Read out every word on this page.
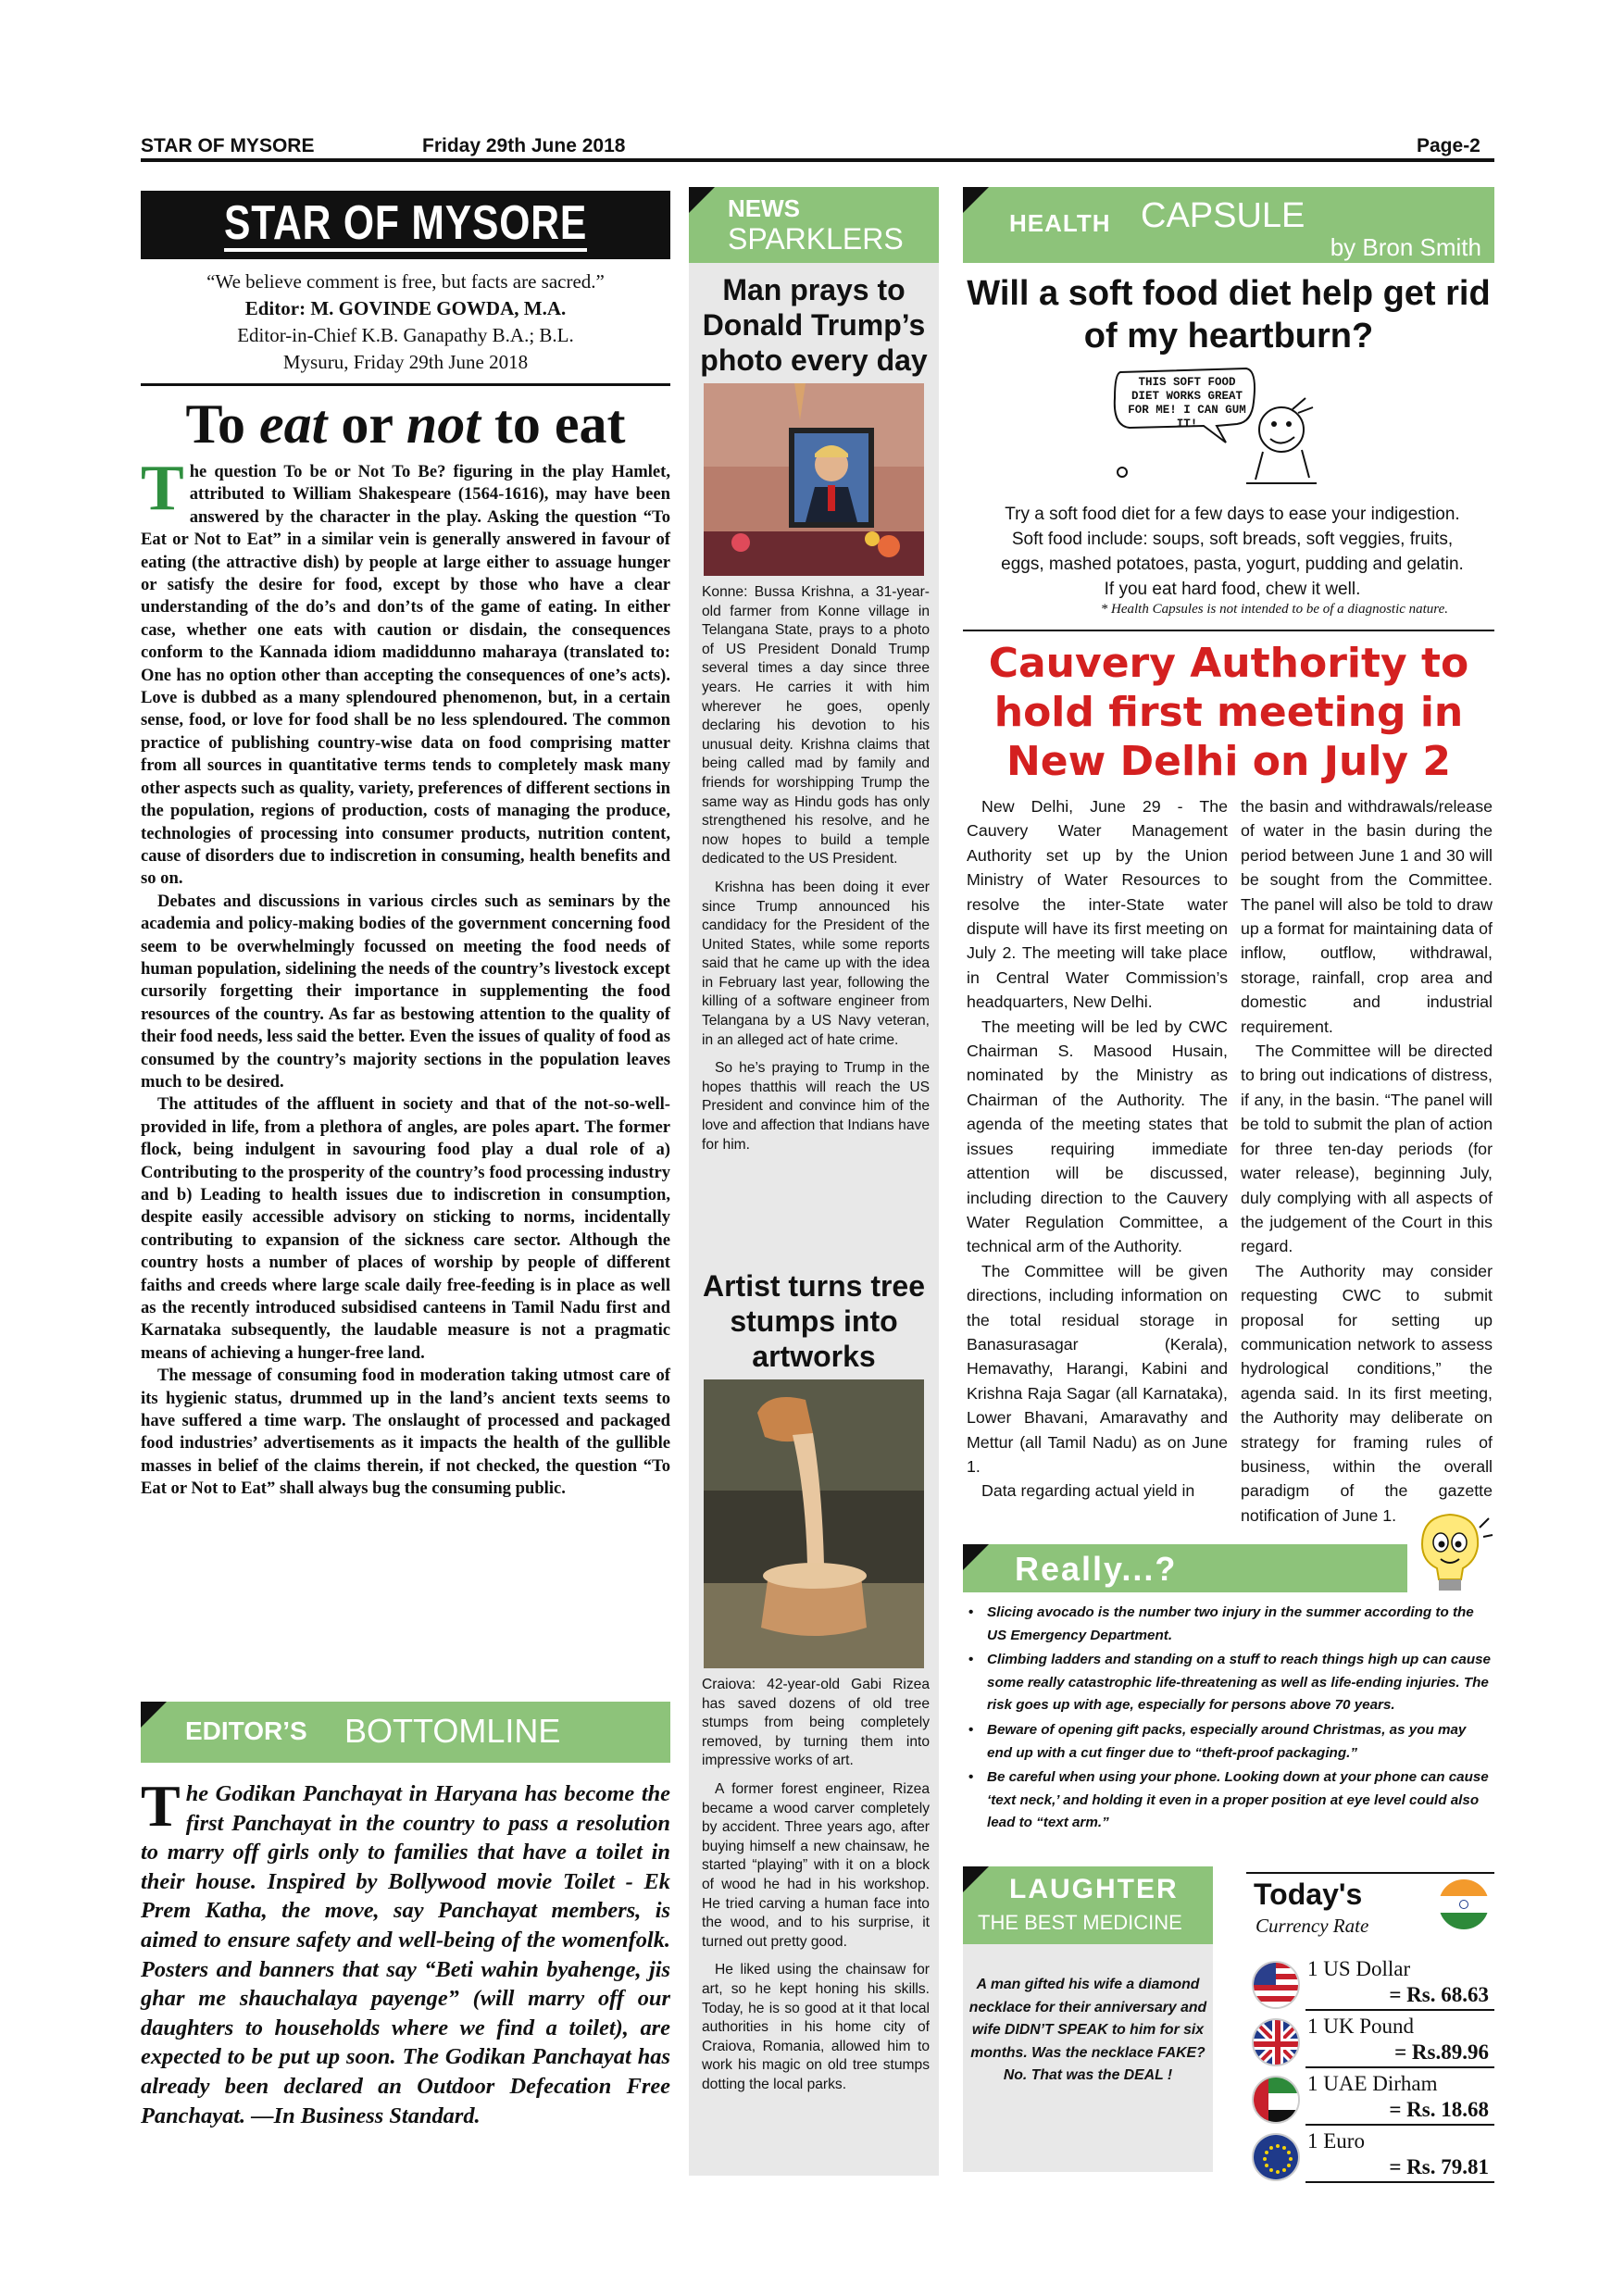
STAR OF MYSORE	Friday 29th June 2018	Page-2
STAR OF MYSORE
“We believe comment is free, but facts are sacred.”
Editor: M. GOVINDE GOWDA, M.A.
Editor-in-Chief K.B. Ganapathy B.A.; B.L.
Mysuru, Friday 29th June 2018
To eat or not to eat

The question To be or Not To Be? figuring in the play Hamlet, attributed to William Shakespeare (1564-1616), may have been answered by the character in the play. Asking the question “To Eat or Not to Eat” in a similar vein is generally answered in favour of eating (the attractive dish) by people at large either to assuage hunger or satisfy the desire for food, except by those who have a clear understanding of the do’s and don’ts of the game of eating. In either case, whether one eats with caution or disdain, the consequences conform to the Kannada idiom madiddunno maharaya (translated to: One has no option other than accepting the consequences of one’s acts). Love is dubbed as a many splendoured phenomenon, but, in a certain sense, food, or love for food shall be no less splendoured. The common practice of publishing country-wise data on food comprising matter from all sources in quantitative terms tends to completely mask many other aspects such as quality, variety, preferences of different sections in the population, regions of production, costs of managing the produce, technologies of processing into consumer products, nutrition content, cause of disorders due to indiscretion in consuming, health benefits and so on.

Debates and discussions in various circles such as seminars by the academia and policy-making bodies of the government concerning food seem to be overwhelmingly focussed on meeting the food needs of human population, sidelining the needs of the country’s livestock except cursorily forgetting their importance in supplementing the food resources of the country. As far as bestowing attention to the quality of their food needs, less said the better. Even the issues of quality of food as consumed by the country’s majority sections in the population leaves much to be desired.

The attitudes of the affluent in society and that of the not-so-well-provided in life, from a plethora of angles, are poles apart. The former flock, being indulgent in savouring food play a dual role of a) Contributing to the prosperity of the country’s food processing industry and b) Leading to health issues due to indiscretion in consumption, despite easily accessible advisory on sticking to norms, incidentally contributing to expansion of the sickness care sector. Although the country hosts a number of places of worship by people of different faiths and creeds where large scale daily free-feeding is in place as well as the recently introduced subsidised canteens in Tamil Nadu first and Karnataka subsequently, the laudable measure is not a pragmatic means of achieving a hunger-free land.

The message of consuming food in moderation taking utmost care of its hygienic status, drummed up in the land’s ancient texts seems to have suffered a time warp. The onslaught of processed and packaged food industries’ advertisements as it impacts the health of the gullible masses in belief of the claims therein, if not checked, the question “To Eat or Not to Eat” shall always bug the consuming public.

EDITOR’S BOTTOMLINE
The Godikan Panchayat in Haryana has become the first Panchayat in the country to pass a resolution to marry off girls only to families that have a toilet in their house. Inspired by Bollywood movie Toilet - Ek Prem Katha, the move, say Panchayat members, is aimed to ensure safety and well-being of the womenfolk. Posters and banners that say “Beti wahin byahenge, jis ghar me shauchalaya payenge” (will marry off our daughters to households where we find a toilet), are expected to be put up soon. The Godikan Panchayat has already been declared an Outdoor Defecation Free Panchayat. —In Business Standard.
NEWS
SPARKLERS
Man prays to Donald Trump’s photo every day

Konne: Bussa Krishna, a 31-year-old farmer from Konne village in Telangana State, prays to a photo of US President Donald Trump several times a day since three years. He carries it with him wherever he goes, openly declaring his devotion to his unusual deity. Krishna claims that being called mad by family and friends for worshipping Trump the same way as Hindu gods has only strengthened his resolve, and he now hopes to build a temple dedicated to the US President.

Krishna has been doing it ever since Trump announced his candidacy for the President of the United States, while some reports said that he came up with the idea in February last year, following the killing of a software engineer from Telangana by a US Navy veteran, in an alleged act of hate crime.

So he’s praying to Trump in the hopes thatthis will reach the US President and convince him of the love and affection that Indians have for him.

Artist turns tree stumps into artworks

Craiova: 42-year-old Gabi Rizea has saved dozens of old tree stumps from being completely removed, by turning them into impressive works of art.

A former forest engineer, Rizea became a wood carver completely by accident. Three years ago, after buying himself a new chainsaw, he started “playing” with it on a block of wood he had in his workshop. He tried carving a human face into the wood, and to his surprise, it turned out pretty good.

He liked using the chainsaw for art, so he kept honing his skills. Today, he is so good at it that local authorities in his home city of Craiova, Romania, allowed him to work his magic on old tree stumps dotting the local parks.

HEALTH CAPSULE
by Bron Smith
Will a soft food diet help get rid of my heartburn?
THIS SOFT FOOD DIET WORKS GREAT FOR ME! I CAN GUM IT!
Try a soft food diet for a few days to ease your indigestion. Soft food include: soups, soft breads, soft veggies, fruits, eggs, mashed potatoes, pasta, yogurt, pudding and gelatin. If you eat hard food, chew it well.
* Health Capsules is not intended to be of a diagnostic nature.
Cauvery Authority to hold first meeting in New Delhi on July 2

New Delhi, June 29 - The Cauvery Water Management Authority set up by the Union Ministry of Water Resources to resolve the inter-State water dispute will have its first meeting on July 2. The meeting will take place in Central Water Commission’s headquarters, New Delhi.

The meeting will be led by CWC Chairman S. Masood Husain, nominated by the Ministry as Chairman of the Authority. The agenda of the meeting states that issues requiring immediate attention will be discussed, including direction to the Cauvery Water Regulation Committee, a technical arm of the Authority.

The Committee will be given directions, including information on the total residual storage in Banasurasagar (Kerala), Hemavathy, Harangi, Kabini and Krishna Raja Sagar (all Karnataka), Lower Bhavani, Amaravathy and Mettur (all Tamil Nadu) as on June 1.

Data regarding actual yield in

the basin and withdrawals/release of water in the basin during the period between June 1 and 30 will be sought from the Committee. The panel will also be told to draw up a format for maintaining data of inflow, outflow, withdrawal, storage, rainfall, crop area and domestic and industrial requirement.

The Committee will be directed to bring out indications of distress, if any, in the basin. “The panel will be told to submit the plan of action for three ten-day periods (for water release), beginning July, duly complying with all aspects of the judgement of the Court in this regard.

The Authority may consider requesting CWC to submit proposal for setting up communication network to assess hydrological conditions,” the agenda said. In its first meeting, the Authority may deliberate on strategy for framing rules of business, within the overall paradigm of the gazette notification of June 1.

Really...?
• Slicing avocado is the number two injury in the summer according to the US Emergency Department.
• Climbing ladders and standing on a stuff to reach things high up can cause some really catastrophic life-threatening as well as life-ending injuries. The risk goes up with age, especially for persons above 70 years.
• Beware of opening gift packs, especially around Christmas, as you may end up with a cut finger due to “theft-proof packaging.”
• Be careful when using your phone. Looking down at your phone can cause ‘text neck,’ and holding it even in a proper position at eye level could also lead to “text arm.”
LAUGHTER
THE BEST MEDICINE
A man gifted his wife a diamond necklace for their anniversary and wife DIDN’T SPEAK to him for six months. Was the necklace FAKE? No. That was the DEAL !
Today's
Currency Rate
1 US Dollar
= Rs. 68.63
1 UK Pound
= Rs.89.96
1 UAE Dirham
= Rs. 18.68
1 Euro
= Rs. 79.81
